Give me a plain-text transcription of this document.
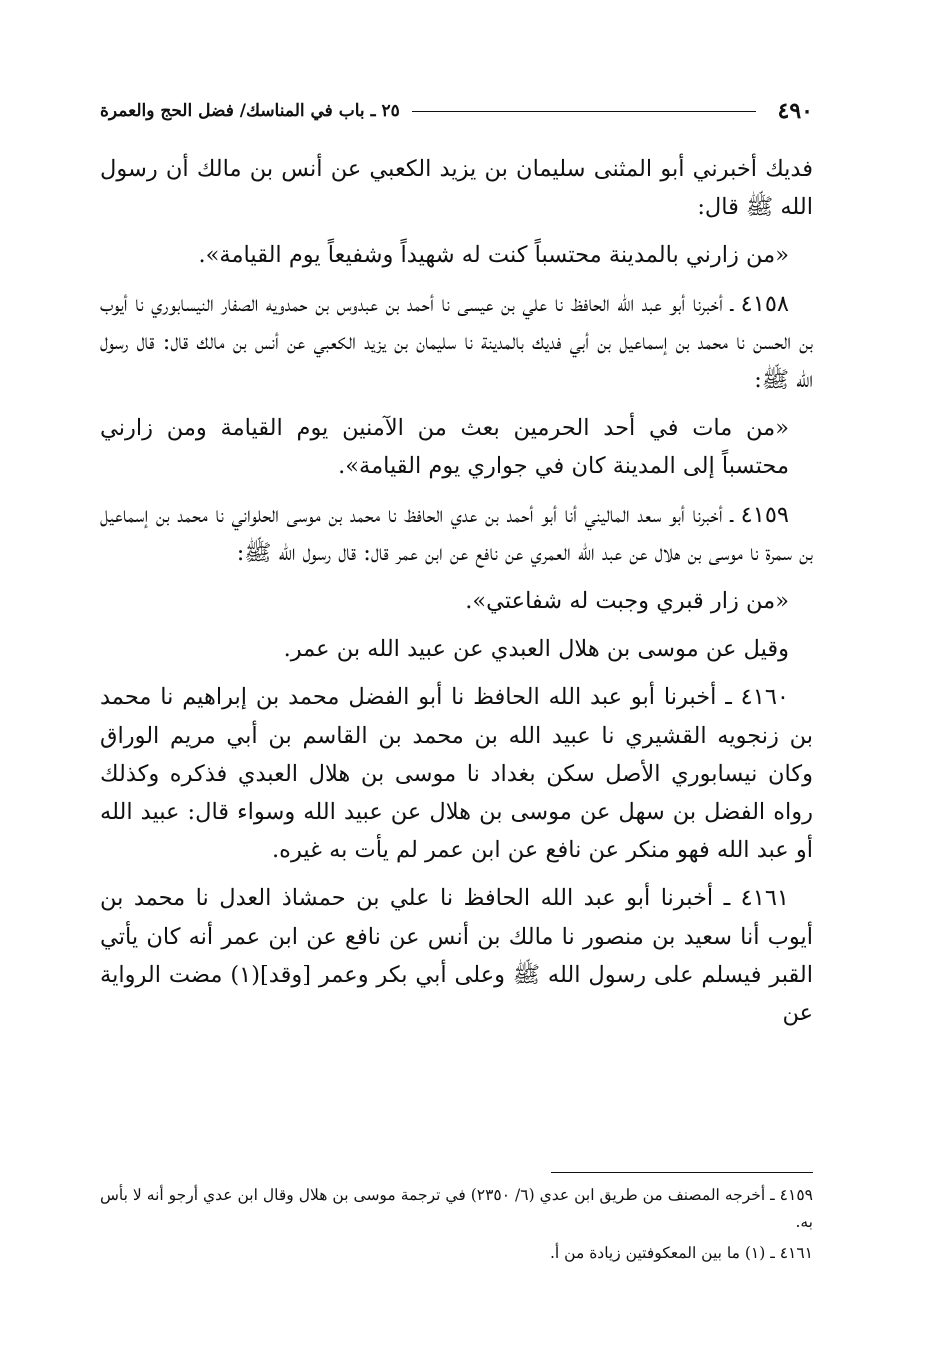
٤٩٠
٢٥ ـ باب في المناسك/ فضل الحج والعمرة

فديك أخبرني أبو المثنى سليمان بن يزيد الكعبي عن أنس بن مالك أن رسول الله ﷺ قال:

«من زارني بالمدينة محتسباً كنت له شهيداً وشفيعاً يوم القيامة».

٤١٥٨ ـ أخبرنا أبو عبد الله الحافظ نا علي بن عيسى نا أحمد بن عبدوس بن حمدويه الصفار النيسابوري نا أيوب بن الحسن نا محمد بن إسماعيل بن أبي فديك بالمدينة نا سليمان بن يزيد الكعبي عن أنس بن مالك قال: قال رسول الله ﷺ:

«من مات في أحد الحرمين بعث من الآمنين يوم القيامة ومن زارني محتسباً إلى المدينة كان في جواري يوم القيامة».

٤١٥٩ ـ أخبرنا أبو سعد الماليني أنا أبو أحمد بن عدي الحافظ نا محمد بن موسى الحلواني نا محمد بن إسماعيل بن سمرة نا موسى بن هلال عن عبد الله العمري عن نافع عن ابن عمر قال: قال رسول الله ﷺ:

«من زار قبري وجبت له شفاعتي».

وقيل عن موسى بن هلال العبدي عن عبيد الله بن عمر.

٤١٦٠ ـ أخبرنا أبو عبد الله الحافظ نا أبو الفضل محمد بن إبراهيم نا محمد بن زنجويه القشيري نا عبيد الله بن محمد بن القاسم بن أبي مريم الوراق وكان نيسابوري الأصل سكن بغداد نا موسى بن هلال العبدي فذكره وكذلك رواه الفضل بن سهل عن موسى بن هلال عن عبيد الله وسواء قال: عبيد الله أو عبد الله فهو منكر عن نافع عن ابن عمر لم يأت به غيره.

٤١٦١ ـ أخبرنا أبو عبد الله الحافظ نا علي بن حمشاذ العدل نا محمد بن أيوب أنا سعيد بن منصور نا مالك بن أنس عن نافع عن ابن عمر أنه كان يأتي القبر فيسلم على رسول الله ﷺ وعلى أبي بكر وعمر [وقد](١) مضت الرواية عن

٤١٥٩ ـ أخرجه المصنف من طريق ابن عدي (٦/ ٢٣٥٠) في ترجمة موسى بن هلال وقال ابن عدي أرجو أنه لا بأس به.

٤١٦١ ـ (١) ما بين المعكوفتين زيادة من أ.
